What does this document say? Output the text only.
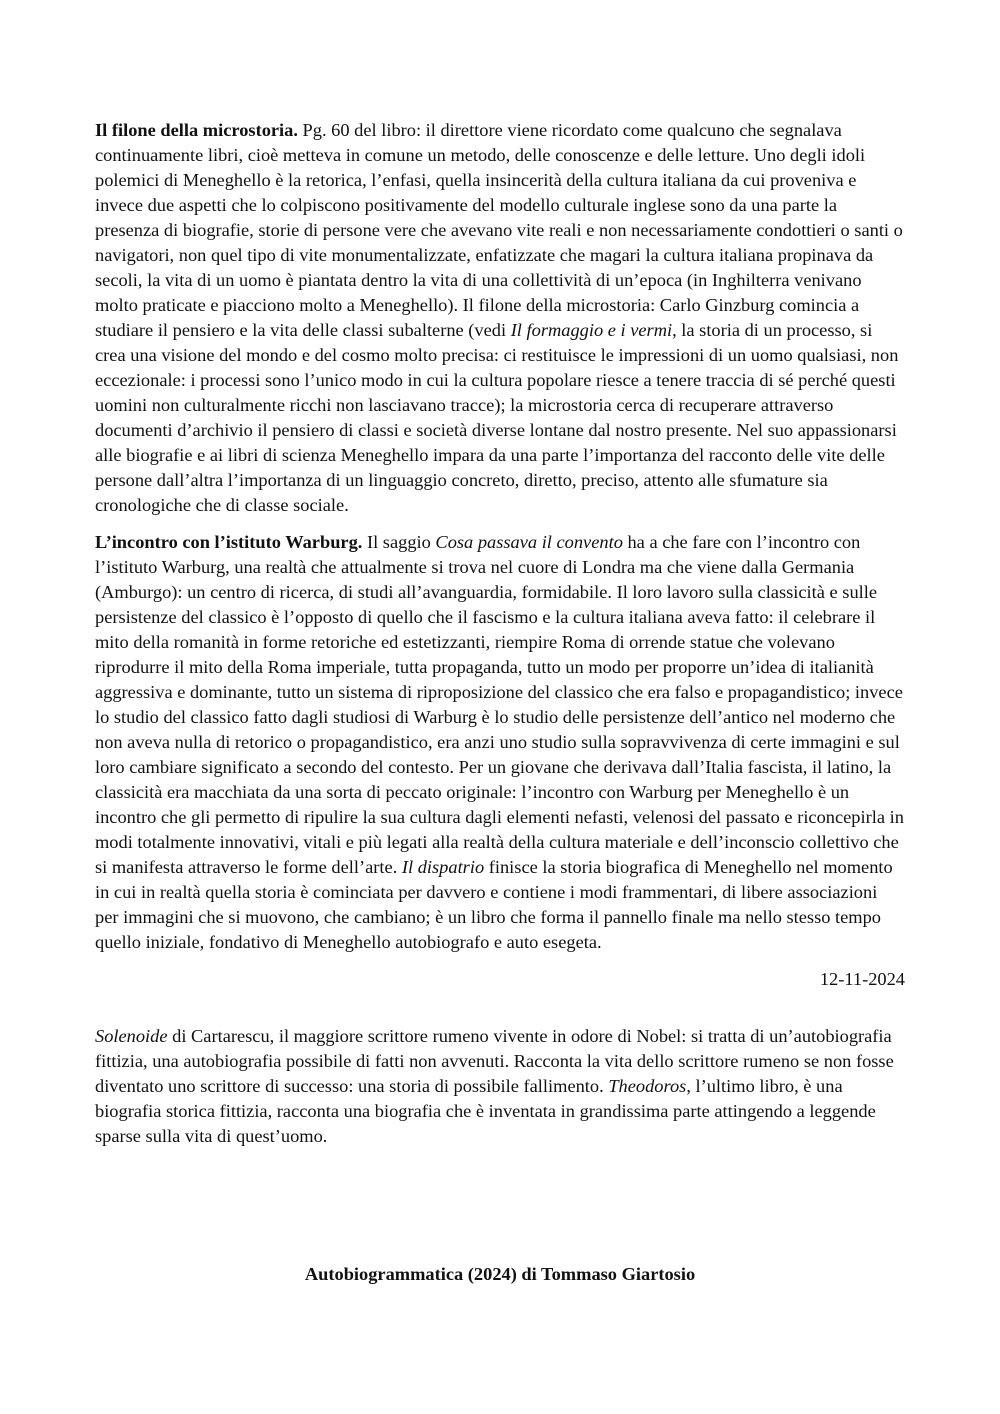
Il filone della microstoria. Pg. 60 del libro: il direttore viene ricordato come qualcuno che segnalava continuamente libri, cioè metteva in comune un metodo, delle conoscenze e delle letture. Uno degli idoli polemici di Meneghello è la retorica, l’enfasi, quella insincerità della cultura italiana da cui proveniva e invece due aspetti che lo colpiscono positivamente del modello culturale inglese sono da una parte la presenza di biografie, storie di persone vere che avevano vite reali e non necessariamente condottieri o santi o navigatori, non quel tipo di vite monumentalizzate, enfatizzate che magari la cultura italiana propinava da secoli, la vita di un uomo è piantata dentro la vita di una collettività di un’epoca (in Inghilterra venivano molto praticate e piacciono molto a Meneghello). Il filone della microstoria: Carlo Ginzburg comincia a studiare il pensiero e la vita delle classi subalterne (vedi Il formaggio e i vermi, la storia di un processo, si crea una visione del mondo e del cosmo molto precisa: ci restituisce le impressioni di un uomo qualsiasi, non eccezionale: i processi sono l’unico modo in cui la cultura popolare riesce a tenere traccia di sé perché questi uomini non culturalmente ricchi non lasciavano tracce); la microstoria cerca di recuperare attraverso documenti d’archivio il pensiero di classi e società diverse lontane dal nostro presente. Nel suo appassionarsi alle biografie e ai libri di scienza Meneghello impara da una parte l’importanza del racconto delle vite delle persone dall’altra l’importanza di un linguaggio concreto, diretto, preciso, attento alle sfumature sia cronologiche che di classe sociale.

L’incontro con l’istituto Warburg. Il saggio Cosa passava il convento ha a che fare con l’incontro con l’istituto Warburg, una realtà che attualmente si trova nel cuore di Londra ma che viene dalla Germania (Amburgo): un centro di ricerca, di studi all’avanguardia, formidabile. Il loro lavoro sulla classicità e sulle persistenze del classico è l’opposto di quello che il fascismo e la cultura italiana aveva fatto: il celebrare il mito della romanità in forme retoriche ed estetizzanti, riempire Roma di orrende statue che volevano riprodurre il mito della Roma imperiale, tutta propaganda, tutto un modo per proporre un’idea di italianità aggressiva e dominante, tutto un sistema di riproposizione del classico che era falso e propagandistico; invece lo studio del classico fatto dagli studiosi di Warburg è lo studio delle persistenze dell’antico nel moderno che non aveva nulla di retorico o propagandistico, era anzi uno studio sulla sopravvivenza di certe immagini e sul loro cambiare significato a secondo del contesto. Per un giovane che derivava dall’Italia fascista, il latino, la classicità era macchiata da una sorta di peccato originale: l’incontro con Warburg per Meneghello è un incontro che gli permetto di ripulire la sua cultura dagli elementi nefasti, velenosi del passato e riconcepirla in modi totalmente innovativi, vitali e più legati alla realtà della cultura materiale e dell’inconscio collettivo che si manifesta attraverso le forme dell’arte. Il dispatrio finisce la storia biografica di Meneghello nel momento in cui in realtà quella storia è cominciata per davvero e contiene i modi frammentari, di libere associazioni per immagini che si muovono, che cambiano; è un libro che forma il pannello finale ma nello stesso tempo quello iniziale, fondativo di Meneghello autobiografo e auto esegeta.

12-11-2024

Solenoide di Cartarescu, il maggiore scrittore rumeno vivente in odore di Nobel: si tratta di un’autobiografia fittizia, una autobiografia possibile di fatti non avvenuti. Racconta la vita dello scrittore rumeno se non fosse diventato uno scrittore di successo: una storia di possibile fallimento. Theodoros, l’ultimo libro, è una biografia storica fittizia, racconta una biografia che è inventata in grandissima parte attingendo a leggende sparse sulla vita di quest’uomo.

Autobiogrammatica (2024) di Tommaso Giartosio
